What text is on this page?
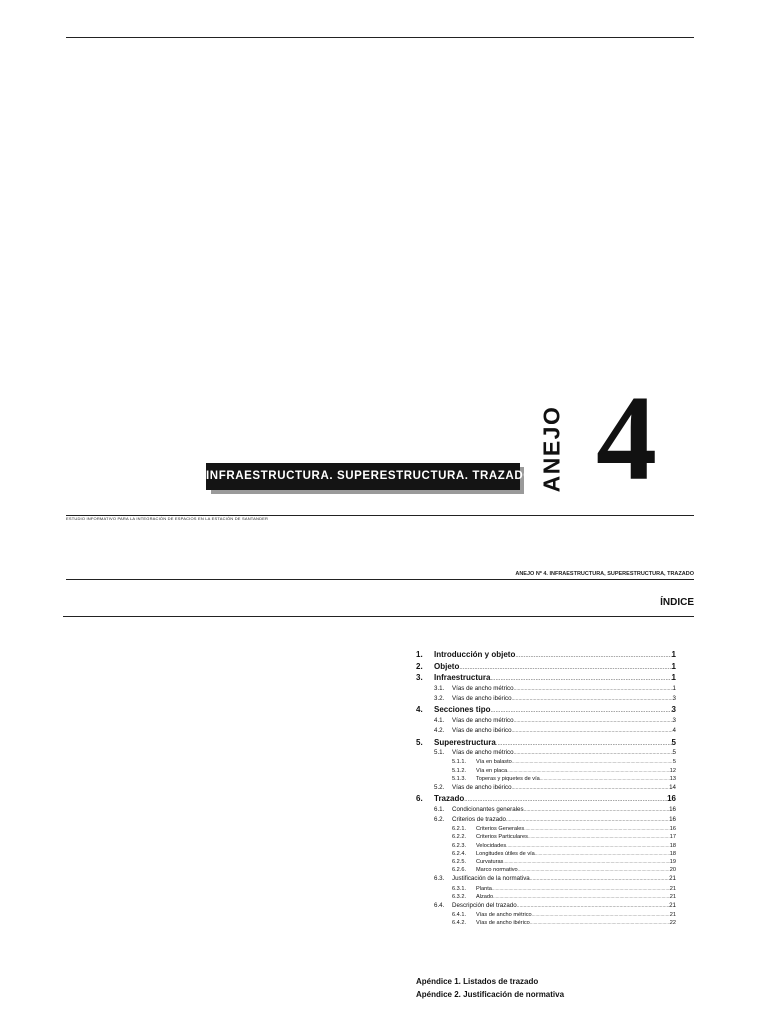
ANEJO 4
INFRAESTRUCTURA. SUPERESTRUCTURA. TRAZADO
ESTUDIO INFORMATIVO PARA LA INTEGRACIÓN DE ESPACIOS EN LA ESTACIÓN DE SANTANDER
ANEJO Nº 4. INFRAESTRUCTURA, SUPERESTRUCTURA, TRAZADO
ÍNDICE
1.	Introducción y objeto .....	1
2.	Objeto .....	1
3.	Infraestructura .....	1
3.1.	Vías de ancho métrico .....	1
3.2.	Vías de ancho ibérico .....	3
4.	Secciones tipo .....	3
4.1.	Vías de ancho métrico .....	3
4.2.	Vías de ancho ibérico .....	4
5.	Superestructura .....	5
5.1.	Vías de ancho métrico .....	5
5.1.1.	Vía en balasto .....	5
5.1.2.	Vía en placa .....	12
5.1.3.	Toperas y piquetes de vía .....	13
5.2.	Vías de ancho ibérico .....	14
6.	Trazado .....	16
6.1.	Condicionantes generales .....	16
6.2.	Criterios de trazado .....	16
6.2.1.	Criterios Generales .....	16
6.2.2.	Criterios Particulares .....	17
6.2.3.	Velocidades .....	18
6.2.4.	Longitudes útiles de vía .....	18
6.2.5.	Curvaturas .....	19
6.2.6.	Marco normativo .....	20
6.3.	Justificación de la normativa .....	21
6.3.1.	Planta .....	21
6.3.2.	Alzado .....	21
6.4.	Descripción del trazado .....	21
6.4.1.	Vías de ancho métrico .....	21
6.4.2.	Vías de ancho ibérico .....	22
Apéndice 1. Listados de trazado
Apéndice 2. Justificación de normativa
